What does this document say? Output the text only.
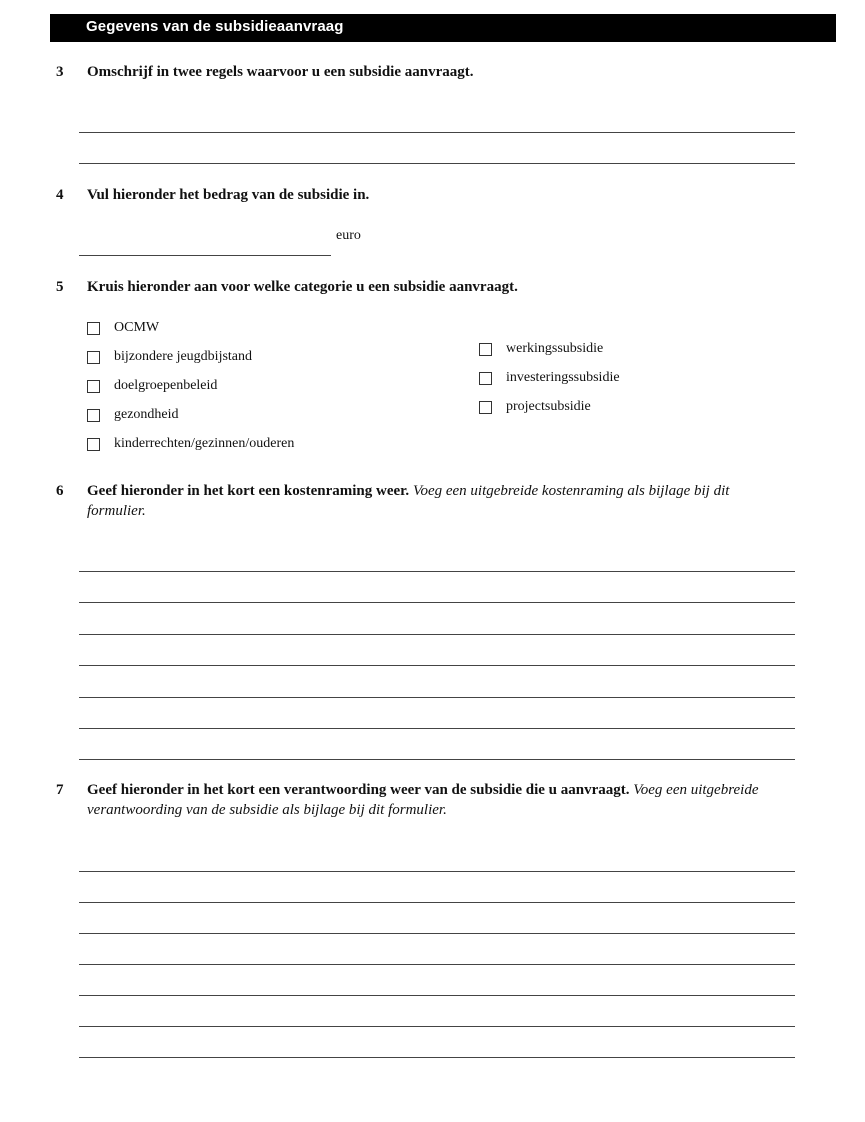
Gegevens van de subsidieaanvraag
3 Omschrijf in twee regels waarvoor u een subsidie aanvraagt.
4 Vul hieronder het bedrag van de subsidie in.
euro
5 Kruis hieronder aan voor welke categorie u een subsidie aanvraagt.
OCMW
bijzondere jeugdbijstand
doelgroepenbeleid
gezondheid
kinderrechten/gezinnen/ouderen
werkingssubsidie
investeringssubsidie
projectsubsidie
6 Geef hieronder in het kort een kostenraming weer. Voeg een uitgebreide kostenraming als bijlage bij dit formulier.
7 Geef hieronder in het kort een verantwoording weer van de subsidie die u aanvraagt. Voeg een uitgebreide verantwoording van de subsidie als bijlage bij dit formulier.
